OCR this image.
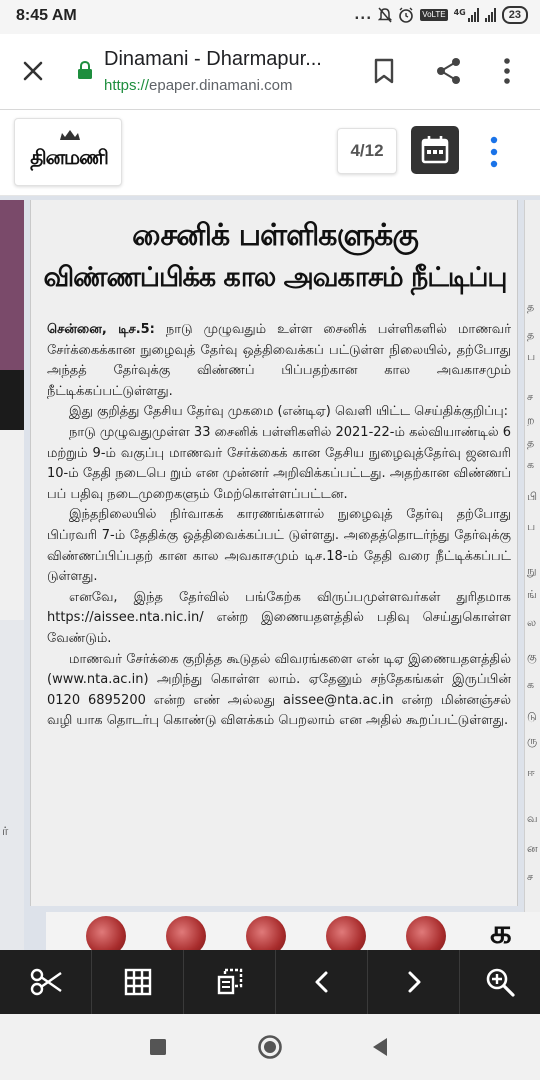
8:45 AM	...	VoLTE 4G	23
Dinamani - Dharmapur...
https://epaper.dinamani.com
தினமணி	4/12
ர்
சைனிக் பள்ளிகளுக்கு
விண்ணப்பிக்க கால அவகாசம் நீட்டிப்பு

சென்னை, டிச.5: நாடு முழுவதும் உள்ள சைனிக் பள்ளிகளில் மாணவர் சேர்க்கைக்கான நுழைவுத் தேர்வு ஒத்திவைக்கப் பட்டுள்ள நிலையில், தற்போது அந்தத் தேர்வுக்கு விண்ணப் பிப்பதற்கான கால அவகாசமும் நீட்டிக்கப்பட்டுள்ளது.

இது குறித்து தேசிய தேர்வு முகமை (என்டிஏ) வெளி யிட்ட செய்திக்குறிப்பு:

நாடு முழுவதுமுள்ள 33 சைனிக் பள்ளிகளில் 2021-22-ம் கல்வியாண்டில் 6 மற்றும் 9-ம் வகுப்பு மாணவர் சேர்க்கைக் கான தேசிய நுழைவுத்தேர்வு ஜனவரி 10-ம் தேதி நடைபெ றும் என முன்னர் அறிவிக்கப்பட்டது. அதற்கான விண்ணப் பப் பதிவு நடைமுறைகளும் மேற்கொள்ளப்பட்டன.

இந்தநிலையில் நிர்வாகக் காரணங்களால் நுழைவுத் தேர்வு தற்போது பிப்ரவரி 7-ம் தேதிக்கு ஒத்திவைக்கப்பட் டுள்ளது. அதைத்தொடர்ந்து தேர்வுக்கு விண்ணப்பிப்பதற் கான கால அவகாசமும் டிச.18-ம் தேதி வரை நீட்டிக்கப்பட் டுள்ளது.

எனவே, இந்த தேர்வில் பங்கேற்க விருப்பமுள்ளவர்கள் துரிதமாக https://aissee.nta.nic.in/ என்ற இணையதளத்தில் பதிவு செய்துகொள்ள வேண்டும்.

மாணவர் சேர்க்கை குறித்த கூடுதல் விவரங்களை என் டிஏ இணையதளத்தில் (www.nta.ac.in) அறிந்து கொள்ள லாம். ஏதேனும் சந்தேகங்கள் இருப்பின் 0120 6895200 என்ற எண் அல்லது aissee@nta.ac.in என்ற மின்னஞ்சல் வழி யாக தொடர்பு கொண்டு விளக்கம் பெறலாம் என அதில் கூறப்பட்டுள்ளது.

த
த
ப
ச
ற
த
க
பி
ப
நு
ங்
ல
கு
க
டு
ரு
ஈ
வ
ன
ச
க
